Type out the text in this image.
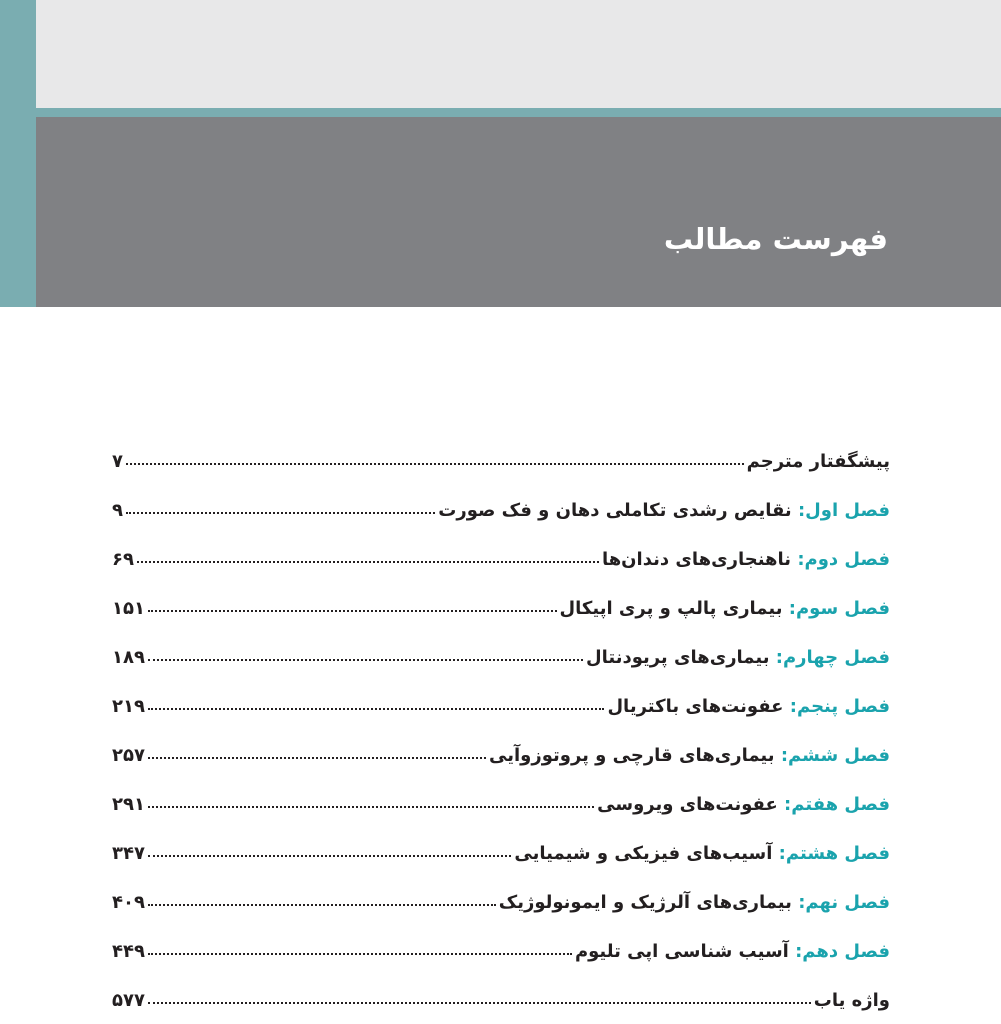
فهرست مطالب
پیشگفتار مترجم
۷
فصل اول: نقایص رشدی تکاملی دهان و فک صورت
۹
فصل دوم: ناهنجاری‌های دندان‌ها
۶۹
فصل سوم: بیماری پالپ و پری اپیکال
۱۵۱
فصل چهارم: بیماری‌های پریودنتال
۱۸۹
فصل پنجم: عفونت‌های باکتریال
۲۱۹
فصل ششم: بیماری‌های قارچی و پروتوزوآیی
۲۵۷
فصل هفتم: عفونت‌های ویروسی
۲۹۱
فصل هشتم: آسیب‌های فیزیکی و شیمیایی
۳۴۷
فصل نهم: بیماری‌های آلرژیک و ایمونولوژیک
۴۰۹
فصل دهم: آسیب شناسی اپی تلیوم
۴۴۹
واژه یاب
۵۷۷
